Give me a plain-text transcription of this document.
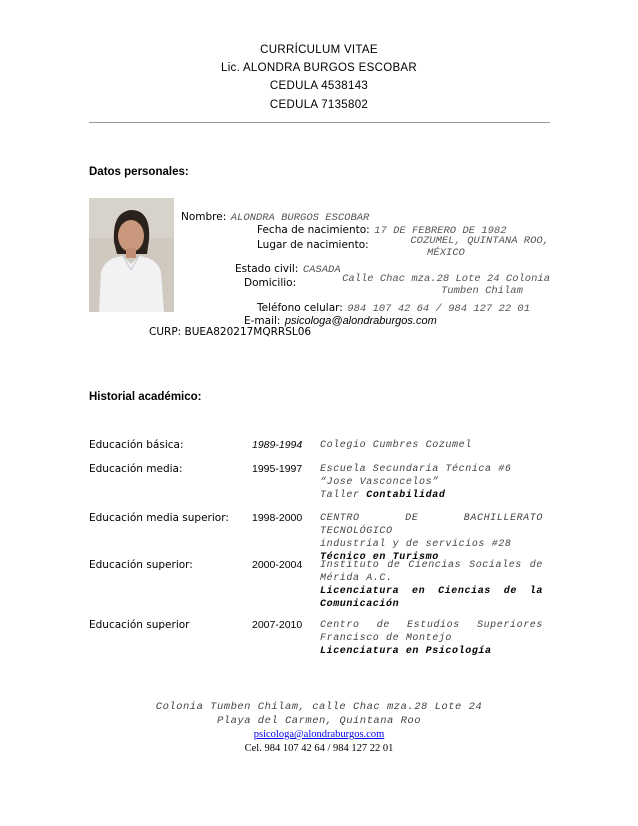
CURRÍCULUM VITAE
Lic. ALONDRA BURGOS ESCOBAR
CEDULA 4538143
CEDULA 7135802
Datos personales:
Nombre: ALONDRA BURGOS ESCOBAR
Fecha de nacimiento: 17 DE FEBRERO DE 1982
Lugar de nacimiento:	COZUMEL, QUINTANA ROO,
MÉXICO
Estado civil: CASADA
Domicilio:	Calle Chac mza.28 Lote 24 Colonia
Tumben Chilam
Teléfono celular: 984 107 42 64 / 984 127 22 01
E-mail: psicologa@alondraburgos.com
CURP: BUEA820217MQRRSL06
Historial académico:
Educación básica:	1989-1994 Colegio Cumbres Cozumel
Educación media:	1995-1997 Escuela Secundaria Técnica #6
“Jose Vasconcelos”
Taller Contabilidad
Educación media superior: 1998-2000 CENTRO DE BACHILLERATO TECNOLÓGICO
industrial y de servicios #28
Técnico en Turismo
Educación superior:	2000-2004 Instituto de Ciencias Sociales de
Mérida A.C.
Licenciatura en Ciencias de la
Comunicación
Educación superior	2007-2010 Centro de Estudios Superiores
Francisco de Montejo
Licenciatura en Psicología
Colonia Tumben Chilam, calle Chac mza.28 Lote 24
Playa del Carmen, Quintana Roo
psicologa@alondraburgos.com
Cel. 984 107 42 64 / 984 127 22 01
